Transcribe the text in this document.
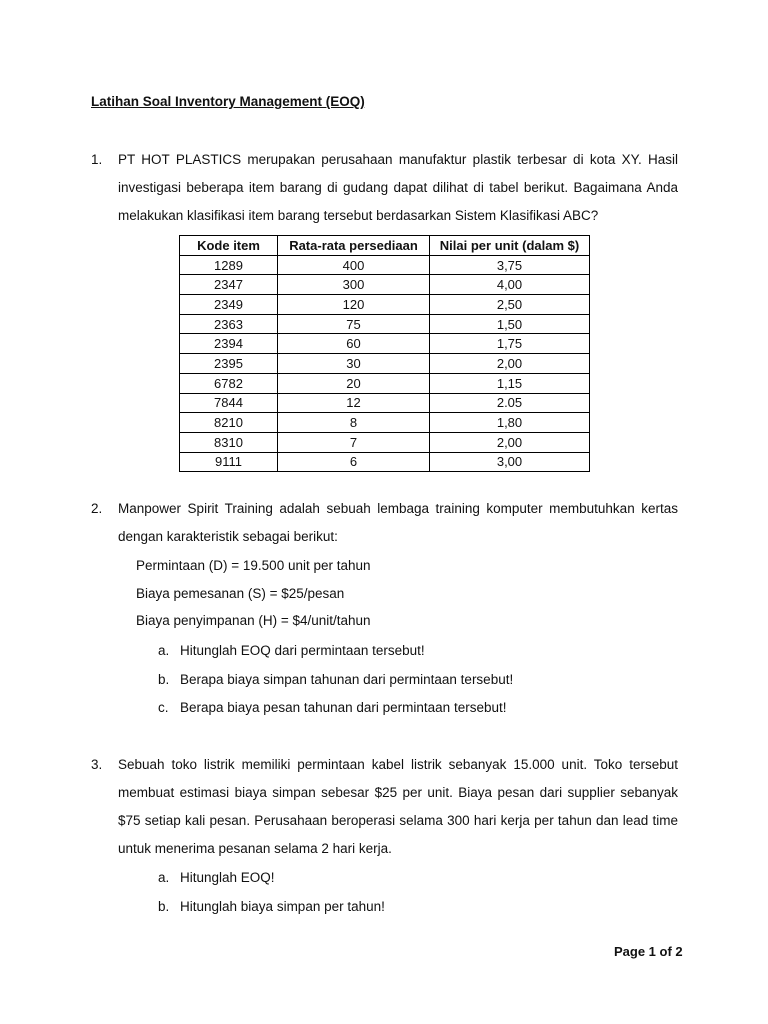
Latihan Soal Inventory Management (EOQ)
1. PT HOT PLASTICS merupakan perusahaan manufaktur plastik terbesar di kota XY. Hasil
investigasi beberapa item barang di gudang dapat dilihat di tabel berikut. Bagaimana Anda
melakukan klasifikasi item barang tersebut berdasarkan Sistem Klasifikasi ABC?
Kode item	Rata-rata persediaan	Nilai per unit (dalam $)
1289	400	3,75
2347	300	4,00
2349	120	2,50
2363	75	1,50
2394	60	1,75
2395	30	2,00
6782	20	1,15
7844	12	2.05
8210	8	1,80
8310	7	2,00
9111	6	3,00
2. Manpower Spirit Training adalah sebuah lembaga training komputer membutuhkan kertas
dengan karakteristik sebagai berikut:
Permintaan (D) = 19.500 unit per tahun
Biaya pemesanan (S) = $25/pesan
Biaya penyimpanan (H) = $4/unit/tahun
a. Hitunglah EOQ dari permintaan tersebut!
b. Berapa biaya simpan tahunan dari permintaan tersebut!
c. Berapa biaya pesan tahunan dari permintaan tersebut!
3. Sebuah toko listrik memiliki permintaan kabel listrik sebanyak 15.000 unit. Toko tersebut
membuat estimasi biaya simpan sebesar $25 per unit. Biaya pesan dari supplier sebanyak
$75 setiap kali pesan. Perusahaan beroperasi selama 300 hari kerja per tahun dan lead time
untuk menerima pesanan selama 2 hari kerja.
a. Hitunglah EOQ!
b. Hitunglah biaya simpan per tahun!
Page 1 of 2
